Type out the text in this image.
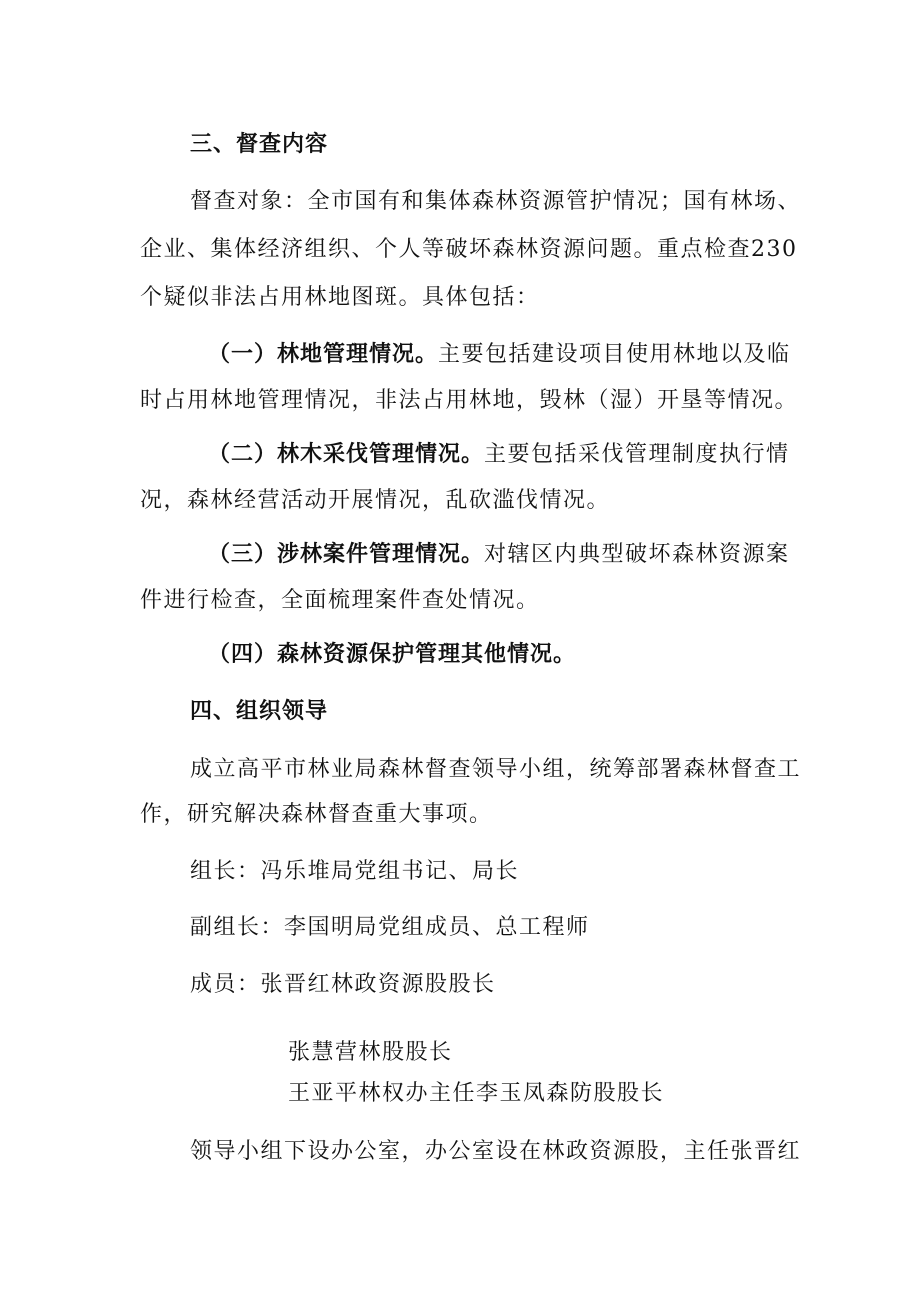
三、督查内容
督查对象：全市国有和集体森林资源管护情况；国有林场、
企业、集体经济组织、个人等破坏森林资源问题。重点检查230
个疑似非法占用林地图斑。具体包括：
（一）林地管理情况。主要包括建设项目使用林地以及临
时占用林地管理情况，非法占用林地，毁林（湿）开垦等情况。
（二）林木采伐管理情况。主要包括采伐管理制度执行情
况，森林经营活动开展情况，乱砍滥伐情况。
（三）涉林案件管理情况。对辖区内典型破坏森林资源案
件进行检查，全面梳理案件查处情况。
（四）森林资源保护管理其他情况。
四、组织领导
成立高平市林业局森林督查领导小组，统筹部署森林督查工
作，研究解决森林督查重大事项。
组长：冯乐堆局党组书记、局长
副组长：李国明局党组成员、总工程师
成员：张晋红林政资源股股长
张慧营林股股长
王亚平林权办主任李玉凤森防股股长
领导小组下设办公室，办公室设在林政资源股，主任张晋红
